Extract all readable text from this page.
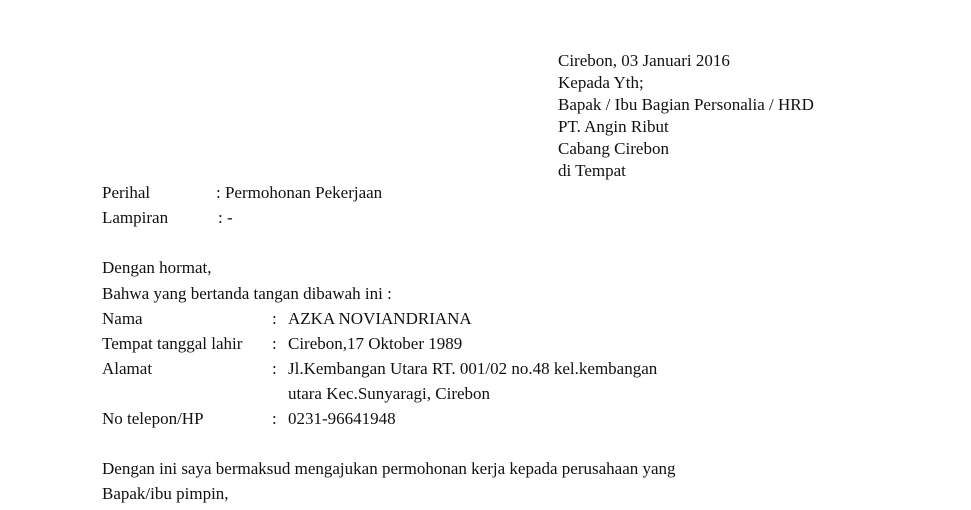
Cirebon, 03 Januari 2016
Kepada Yth;
Bapak / Ibu Bagian Personalia / HRD
PT. Angin Ribut
Cabang Cirebon
di Tempat
Perihal	: Permohonan Pekerjaan
Lampiran	: -
Dengan hormat,
Bahwa yang bertanda tangan dibawah ini :
Nama	: AZKA NOVIANDRIANA
Tempat tanggal lahir : Cirebon,17 Oktober 1989
Alamat	: Jl.Kembangan Utara RT. 001/02 no.48 kel.kembangan
utara Kec.Sunyaragi, Cirebon
No telepon/HP	: 0231-96641948
Dengan ini saya bermaksud mengajukan permohonan kerja kepada perusahaan yang
Bapak/ibu pimpin,
